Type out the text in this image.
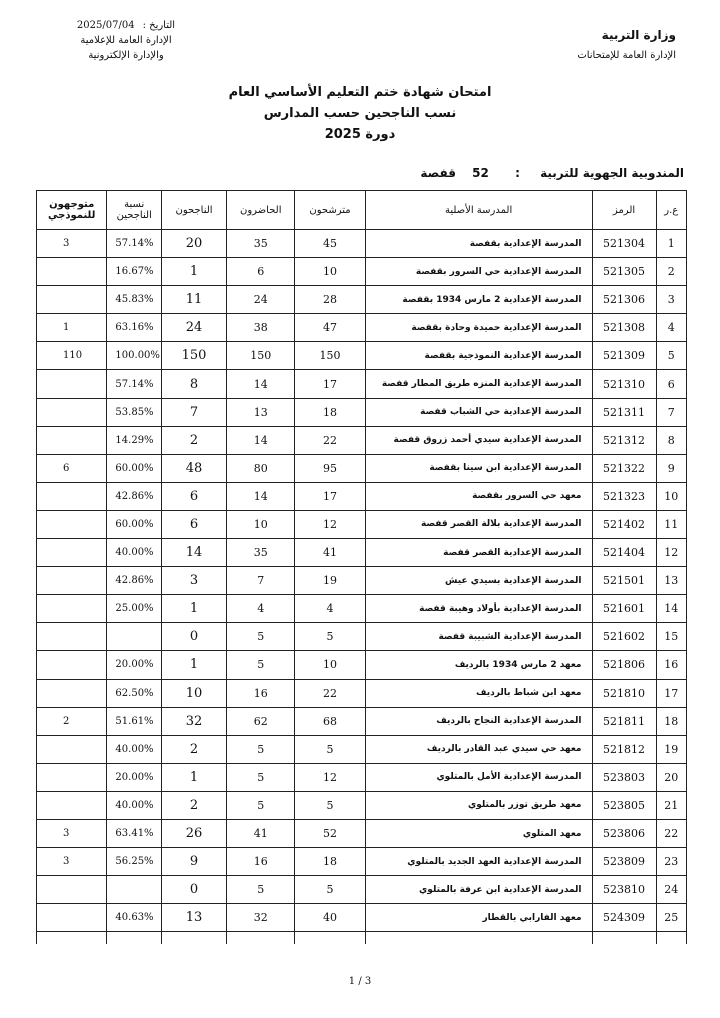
وزارة التربية
الإدارة العامة للإمتحانات
التاريخ :
2025/07/04
الإدارة العامة للإعلامية
والإدارة الإلكترونية
امتحان شهادة ختم التعليم الأساسي العام
نسب الناجحين حسب المدارس
دورة 2025
المندوبية الجهوية للتربية : 52 قفصة
ع.ر	الرمز	المدرسة الأصلية	مترشحون	الحاضرون	الناجحون	نسبة الناجحين	متوجهون للنموذجي
1	521304	المدرسة الإعدادية بقفصة	45	35	20	57.14%	3
2	521305	المدرسة الإعدادية حي السرور بقفصة	10	6	1	16.67%	
3	521306	المدرسة الإعدادية 2 مارس 1934 بقفصة	28	24	11	45.83%	
4	521308	المدرسة الإعدادية حميدة وحادة بقفصة	47	38	24	63.16%	1
5	521309	المدرسة الإعدادية النموذجية بقفصة	150	150	150	100.00%	110
6	521310	المدرسة الإعدادية المنزه طريق المطار قفصة	17	14	8	57.14%	
7	521311	المدرسة الإعدادية حي الشباب قفصة	18	13	7	53.85%	
8	521312	المدرسة الإعدادية سيدي أحمد زروق قفصة	22	14	2	14.29%	
9	521322	المدرسة الإعدادية ابن سينا بقفصة	95	80	48	60.00%	6
10	521323	معهد حي السرور بقفصة	17	14	6	42.86%	
11	521402	المدرسة الإعدادية بلالة القصر قفصة	12	10	6	60.00%	
12	521404	المدرسة الإعدادية القصر قفصة	41	35	14	40.00%	
13	521501	المدرسة الإعدادية بسيدي عيش	19	7	3	42.86%	
14	521601	المدرسة الإعدادية بأولاد وهيبة قفصة	4	4	1	25.00%	
15	521602	المدرسة الإعدادية الشبيبة قفصة	5	5	0		
16	521806	معهد 2 مارس 1934 بالرديف	10	5	1	20.00%	
17	521810	معهد ابن شباط بالرديف	22	16	10	62.50%	
18	521811	المدرسة الإعدادية النجاح بالرديف	68	62	32	51.61%	2
19	521812	معهد حي سيدي عبد القادر بالرديف	5	5	2	40.00%	
20	523803	المدرسة الإعدادية الأمل بالمتلوي	12	5	1	20.00%	
21	523805	معهد طريق توزر بالمتلوي	5	5	2	40.00%	
22	523806	معهد المتلوي	52	41	26	63.41%	3
23	523809	المدرسة الإعدادية العهد الجديد بالمتلوي	18	16	9	56.25%	3
24	523810	المدرسة الإعدادية ابن عرفة بالمتلوي	5	5	0		
25	524309	معهد الفارابي بالقطار	40	32	13	40.63%	

1 / 3
